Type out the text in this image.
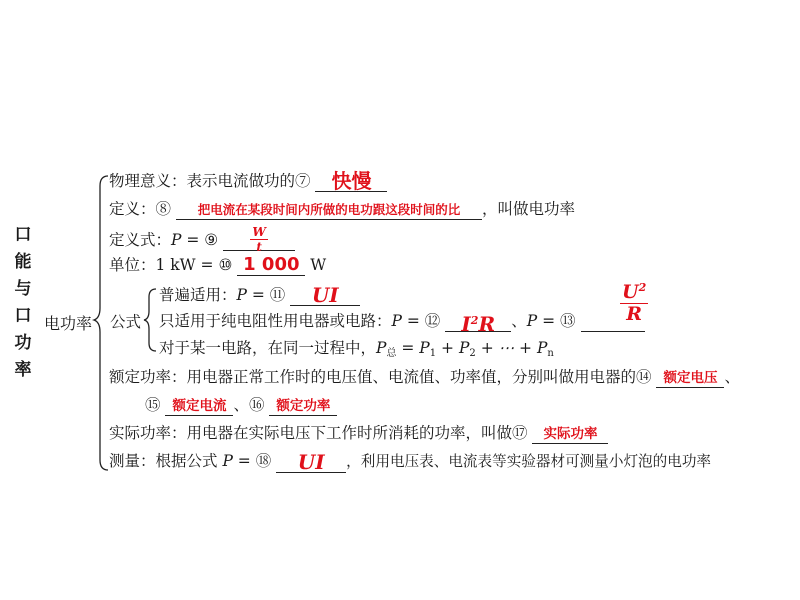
口
能
与
口
功
率
电功率
物理意义：表示电流做功的⑦ 快慢
定义：⑧ 把电流在某段时间内所做的电功跟这段时间的比 ，叫做电功率
定义式：P = ⑨	$\frac{W}{t}$
单位：1 kW = ⑩ 1 000 W
公式
普遍适用：P = ⑪ UI
只适用于纯电阻性用电器或电路：P = ⑫ $I^2R$ 、P = ⑬	$\frac{U^2}{R}$
对于某一电路，在同一过程中，$P_总 = P_1 + P_2$ + ⋯ + $P_n$
额定功率：用电器正常工作时的电压值、电流值、功率值，分别叫做用电器的⑭ 额定电压 、
⑮ 额定电流 、⑯ 额定功率
实际功率：用电器在实际电压下工作时所消耗的功率，叫做⑰ 实际功率
测量：根据公式 P = ⑱ UI ，利用电压表、电流表等实验器材可测量小灯泡的电功率
